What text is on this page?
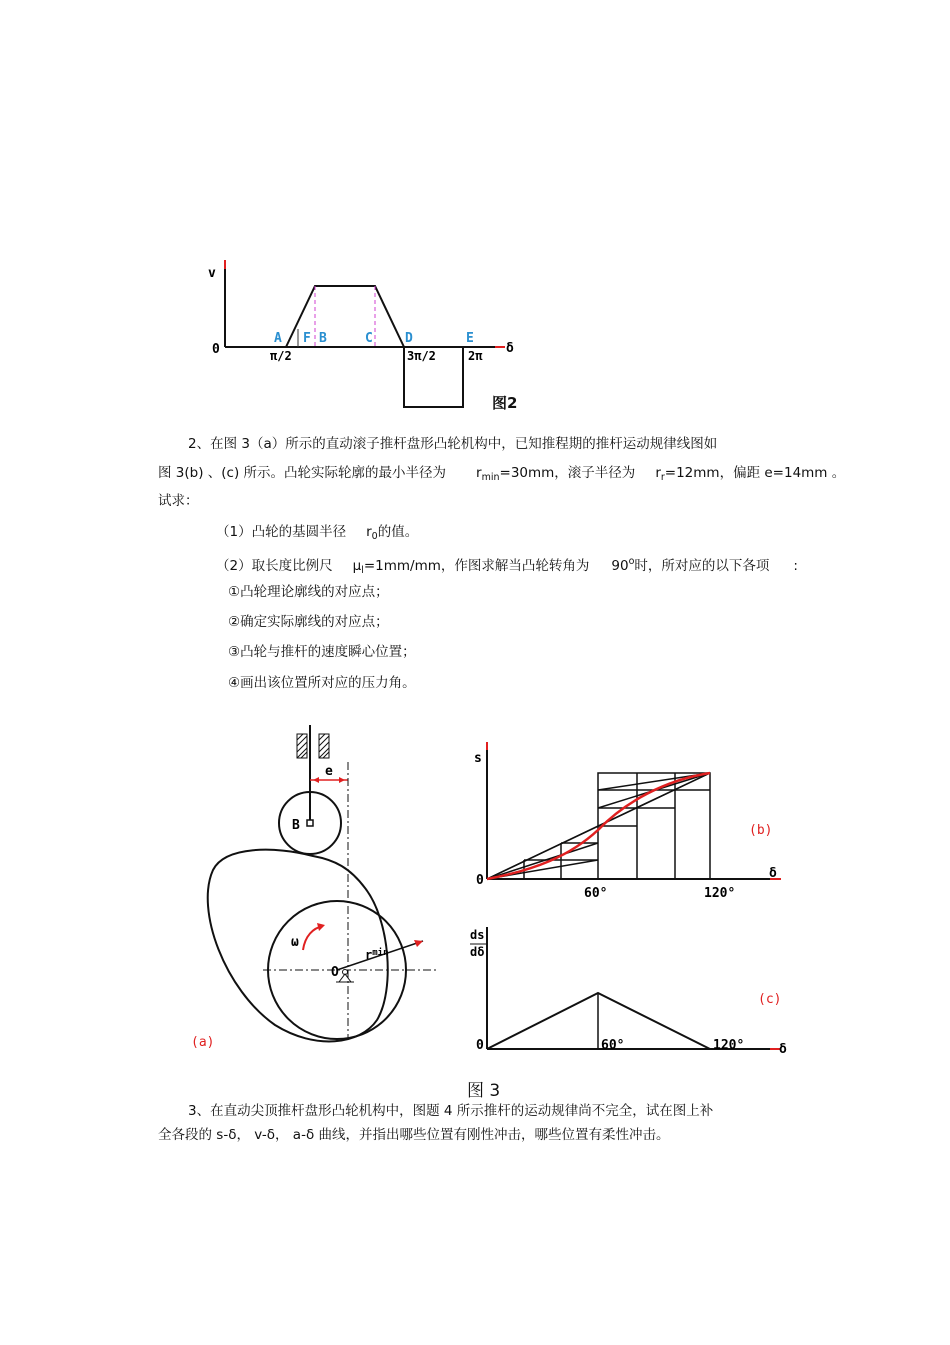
v
0
A F B	C D	E
π/2	3π/2	2π δ
图2
2、在图 3（a）所示的直动滚子推杆盘形凸轮机构中，已知推程期的推杆运动规律线图如
图 3(b) 、(c) 所示。凸轮实际轮廓的最小半径为 $r_{min}=30mm$，滚子半径为 $r_r=12mm$，偏距 e=14mm 。
试求：
（1）凸轮的基圆半径 $r_0$的值。
（2）取长度比例尺 $\mu_l=1mm/mm$，作图求解当凸轮转角为 90$^o$时，所对应的以下各项 :
①凸轮理论廓线的对应点；
②确定实际廓线的对应点；
③凸轮与推杆的速度瞬心位置；
④画出该位置所对应的压力角。
e
B
$r^{min}$
ω
O
(a)
s
0
60°	120°
δ
(b)
ds
dδ
0	60°	120°	δ
(c)
图 3
3、在直动尖顶推杆盘形凸轮机构中，图题 4 所示推杆的运动规律尚不完全，试在图上补
全各段的 s-δ， v-δ， a-δ 曲线，并指出哪些位置有刚性冲击，哪些位置有柔性冲击。
